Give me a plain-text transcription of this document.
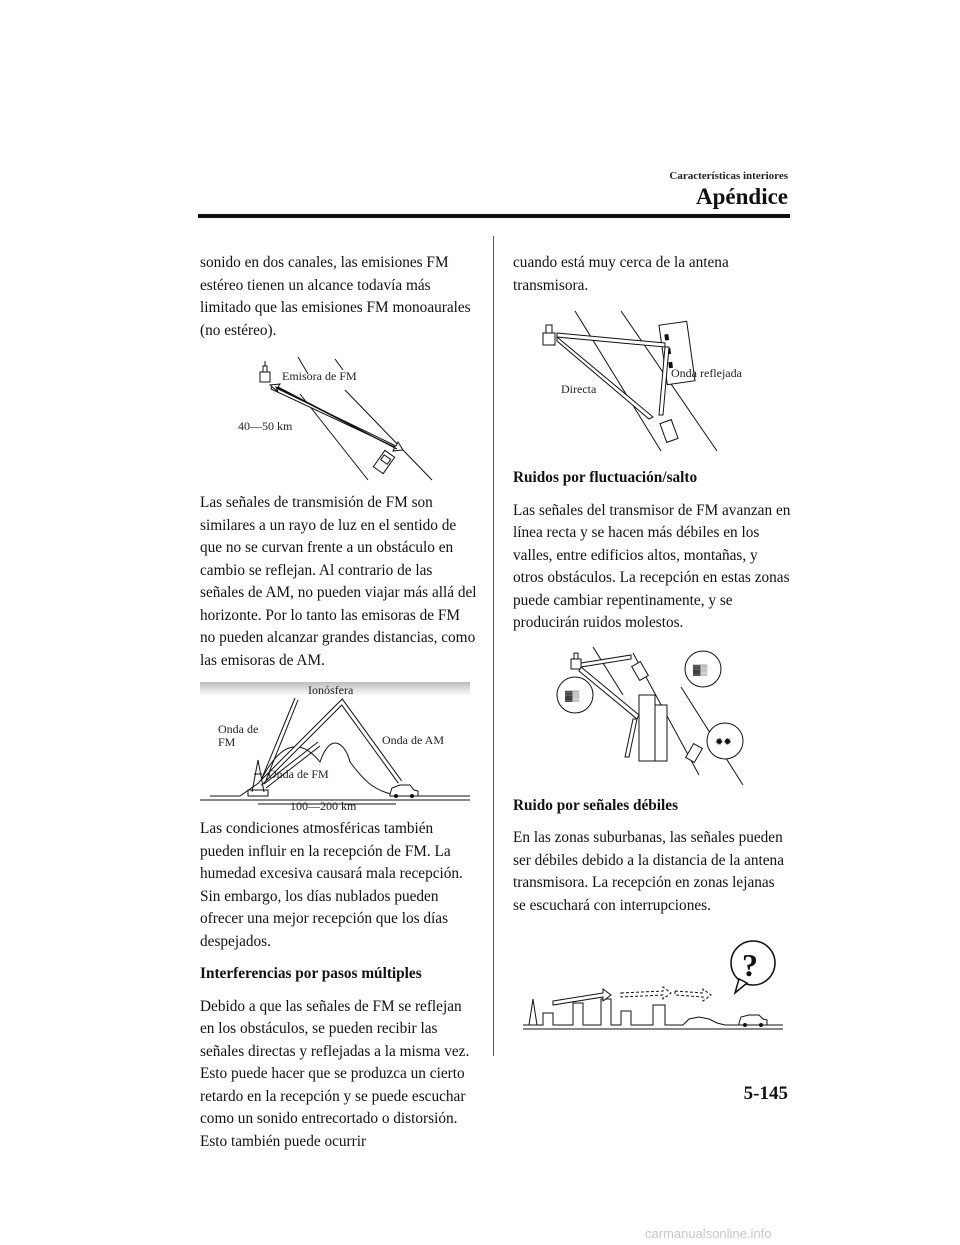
Características interiores
Apéndice

sonido en dos canales, las emisiones FM estéreo tienen un alcance todavía más limitado que las emisiones FM monoaurales (no estéreo).

Emisora de FM
40—50 km

Las señales de transmisión de FM son similares a un rayo de luz en el sentido de que no se curvan frente a un obstáculo en cambio se reflejan. Al contrario de las señales de AM, no pueden viajar más allá del horizonte. Por lo tanto las emisoras de FM no pueden alcanzar grandes distancias, como las emisoras de AM.

Ionósfera
Onda de
FM	Onda de AM
Onda de FM
100—200 km

Las condiciones atmosféricas también pueden influir en la recepción de FM. La humedad excesiva causará mala recepción. Sin embargo, los días nublados pueden ofrecer una mejor recepción que los días despejados.

Interferencias por pasos múltiples

Debido a que las señales de FM se reflejan en los obstáculos, se pueden recibir las señales directas y reflejadas a la misma vez. Esto puede hacer que se produzca un cierto retardo en la recepción y se puede escuchar como un sonido entrecortado o distorsión. Esto también puede ocurrir

cuando está muy cerca de la antena transmisora.

Onda reflejada
Directa
Ruidos por fluctuación/salto

Las señales del transmisor de FM avanzan en línea recta y se hacen más débiles en los valles, entre edificios altos, montañas, y otros obstáculos. La recepción en estas zonas puede cambiar repentinamente, y se producirán ruidos molestos.

▓▒
▓▒
✹✹
Ruido por señales débiles

En las zonas suburbanas, las señales pueden ser débiles debido a la distancia de la antena transmisora. La recepción en zonas lejanas se escuchará con interrupciones.

?
5-145
carmanualsonline.info
